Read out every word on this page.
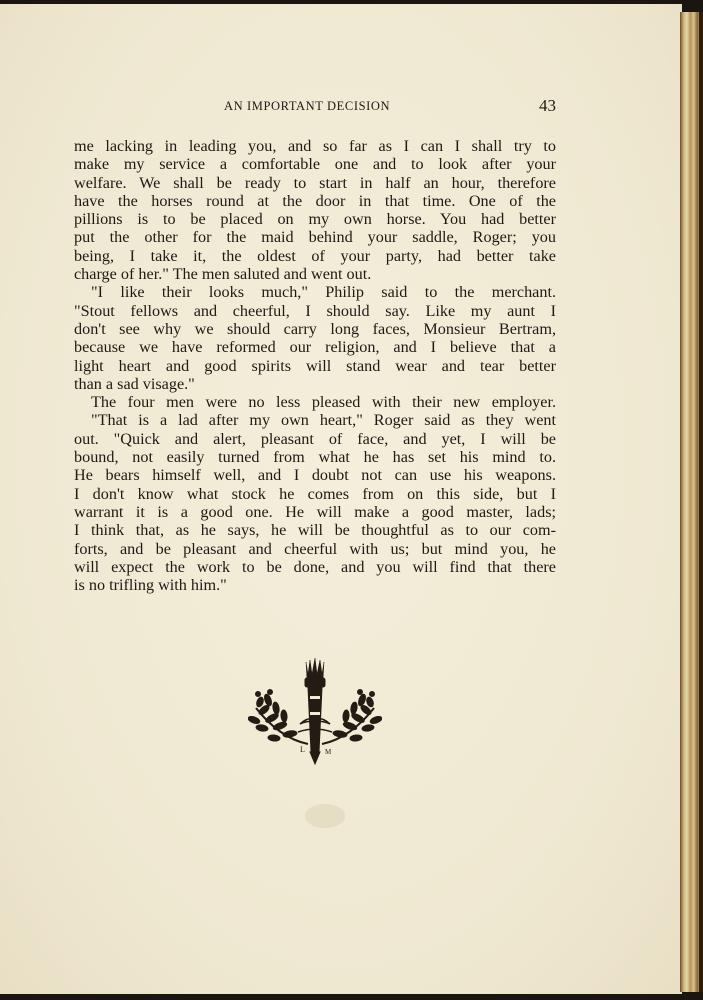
AN IMPORTANT DECISION	43
me lacking in leading you, and so far as I can I shall try to
make my service a comfortable one and to look after your
welfare. We shall be ready to start in half an hour, therefore
have the horses round at the door in that time. One of the
pillions is to be placed on my own horse. You had better
put the other for the maid behind your saddle, Roger; you
being, I take it, the oldest of your party, had better take
charge of her." The men saluted and went out.
"I like their looks much," Philip said to the merchant.
"Stout fellows and cheerful, I should say. Like my aunt I
don't see why we should carry long faces, Monsieur Bertram,
because we have reformed our religion, and I believe that a
light heart and good spirits will stand wear and tear better
than a sad visage."
The four men were no less pleased with their new employer.
"That is a lad after my own heart," Roger said as they went
out. "Quick and alert, pleasant of face, and yet, I will be
bound, not easily turned from what he has set his mind to.
He bears himself well, and I doubt not can use his weapons.
I don't know what stock he comes from on this side, but I
warrant it is a good one. He will make a good master, lads;
I think that, as he says, he will be thoughtful as to our com-
forts, and be pleasant and cheerful with us; but mind you, he
will expect the work to be done, and you will find that there
is no trifling with him."
L	M
